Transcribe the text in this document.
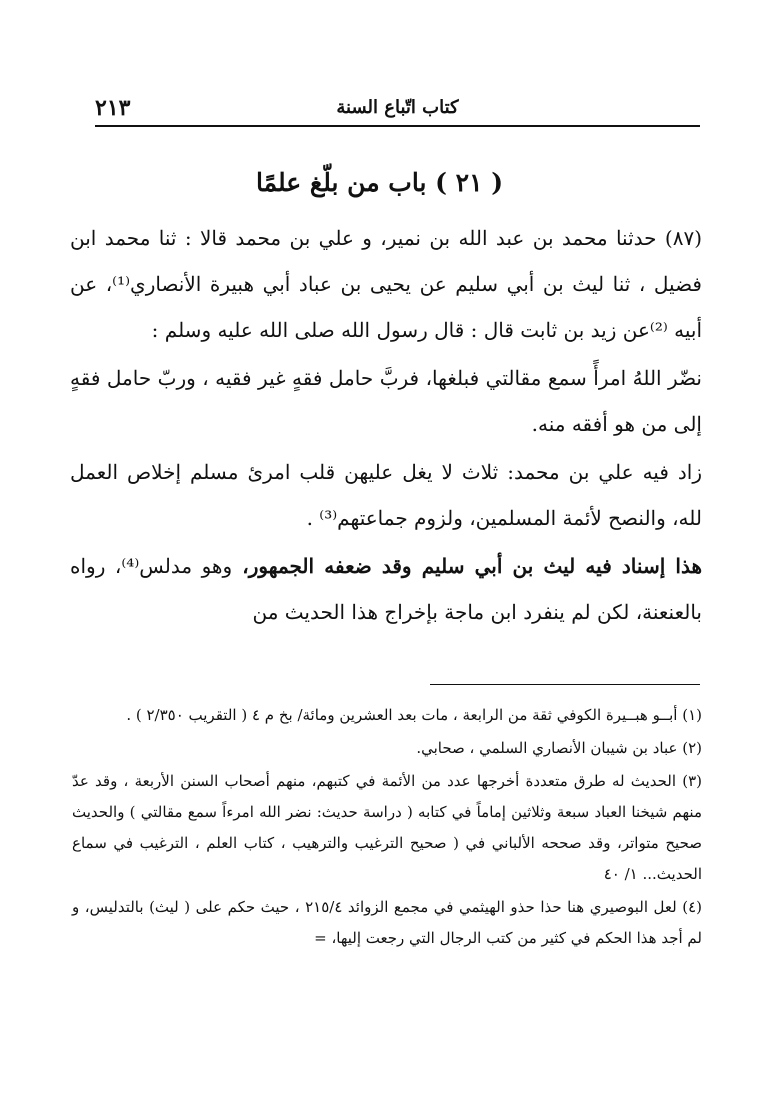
٢١٣	كتاب اتّباع السنة
( ٢١ ) باب من بلّغ علمًا

(٨٧) حدثنا محمد بن عبد الله بن نمير، و علي بن محمد قالا : ثنا محمد ابن فضيل ، ثنا ليث بن أبي سليم عن يحيى بن عباد أبي هبيرة الأنصاري⁽¹⁾، عن أبيه ⁽²⁾عن زيد بن ثابت قال : قال رسول الله صلى الله عليه وسلم :

نضّر اللهُ امرأً سمع مقالتي فبلغها، فربَّ حامل فقهٍ غير فقيه ، وربّ حامل فقهٍ إلى من هو أفقه منه.

زاد فيه علي بن محمد: ثلاث لا يغل عليهن قلب امرئ مسلم إخلاص العمل لله، والنصح لأئمة المسلمين، ولزوم جماعتهم⁽³⁾ .

هذا إسناد فيه ليث بن أبي سليم وقد ضعفه الجمهور، وهو مدلس⁽⁴⁾، رواه بالعنعنة، لكن لم ينفرد ابن ماجة بإخراج هذا الحديث من

(١) أبــو هبــيرة الكوفي ثقة من الرابعة ، مات بعد العشرين ومائة/ بخ م ٤ ( التقريب ٢/٣٥٠ ) .

(٢) عباد بن شيبان الأنصاري السلمي ، صحابي.

(٣) الحديث له طرق متعددة أخرجها عدد من الأئمة في كتبهم، منهم أصحاب السنن الأربعة ، وقد عدّ منهم شيخنا العباد سبعة وثلاثين إماماً في كتابه ( دراسة حديث: نضر الله امرءاً سمع مقالتي ) والحديث صحيح متواتر، وقد صححه الألباني في ( صحيح الترغيب والترهيب ، كتاب العلم ، الترغيب في سماع الحديث... ١/ ٤٠

(٤) لعل البوصيري هنا حذا حذو الهيثمي في مجمع الزوائد ٢١٥/٤ ، حيث حكم على ( ليث) بالتدليس، و لم أجد هذا الحكم في كثير من كتب الرجال التي رجعت إليها، =
